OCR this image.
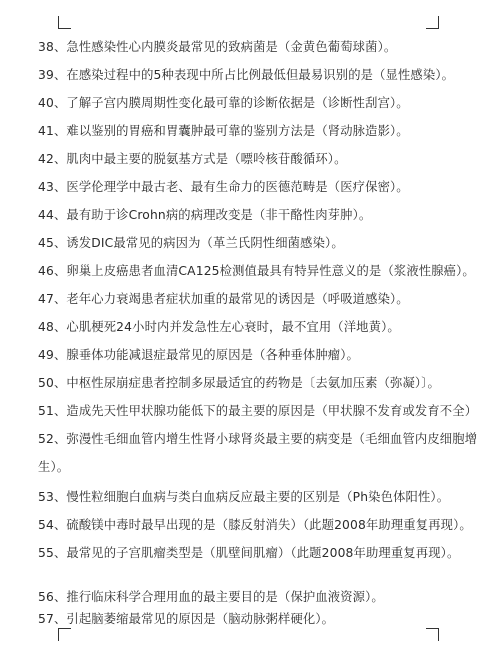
38、急性感染性心内膜炎最常见的致病菌是（金黄色葡萄球菌）。
39、在感染过程中的5种表现中所占比例最低但最易识别的是（显性感染）。
40、了解子宫内膜周期性变化最可靠的诊断依据是（诊断性刮宫）。
41、难以鉴别的胃癌和胃囊肿最可靠的鉴别方法是（肾动脉造影）。
42、肌肉中最主要的脱氨基方式是（嘌呤核苷酸循环）。
43、医学伦理学中最古老、最有生命力的医德范畴是（医疗保密）。
44、最有助于诊Crohn病的病理改变是（非干酪性肉芽肿）。
45、诱发DIC最常见的病因为（革兰氏阴性细菌感染）。
46、卵巢上皮癌患者血清CA125检测值最具有特异性意义的是（浆液性腺癌）。
47、老年心力衰竭患者症状加重的最常见的诱因是（呼吸道感染）。
48、心肌梗死24小时内并发急性左心衰时，最不宜用（洋地黄）。
49、腺垂体功能减退症最常见的原因是（各种垂体肿瘤）。
50、中枢性尿崩症患者控制多尿最适宜的药物是〔去氨加压素（弥凝）〕。
51、造成先天性甲状腺功能低下的最主要的原因是（甲状腺不发育或发育不全）
52、弥漫性毛细血管内增生性肾小球肾炎最主要的病变是（毛细血管内皮细胞增生）。
53、慢性粒细胞白血病与类白血病反应最主要的区别是（Ph染色体阳性）。
54、硫酸镁中毒时最早出现的是（膝反射消失）（此题2008年助理重复再现）。
55、最常见的子宫肌瘤类型是（肌壁间肌瘤）（此题2008年助理重复再现）。
56、推行临床科学合理用血的最主要目的是（保护血液资源）。
57、引起脑萎缩最常见的原因是（脑动脉粥样硬化）。
